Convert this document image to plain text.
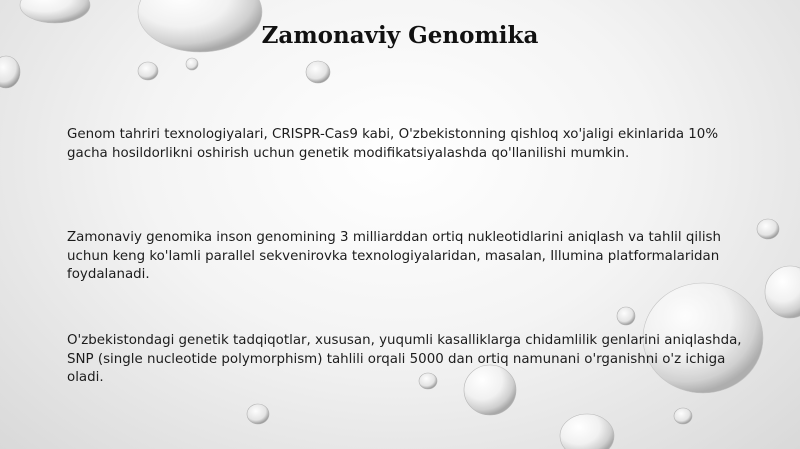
Zamonaviy Genomika

Genom tahriri texnologiyalari, CRISPR-Cas9 kabi, O'zbekistonning qishloq xo'jaligi ekinlarida 10% gacha hosildorlikni oshirish uchun genetik modifikatsiyalashda qo'llanilishi mumkin.

Zamonaviy genomika inson genomining 3 milliarddan ortiq nukleotidlarini aniqlash va tahlil qilish uchun keng ko'lamli parallel sekvenirovka texnologiyalaridan, masalan, Illumina platformalaridan foydalanadi.

O'zbekistondagi genetik tadqiqotlar, xususan, yuqumli kasalliklarga chidamlilik genlarini aniqlashda, SNP (single nucleotide polymorphism) tahlili orqali 5000 dan ortiq namunani o'rganishni o'z ichiga oladi.
